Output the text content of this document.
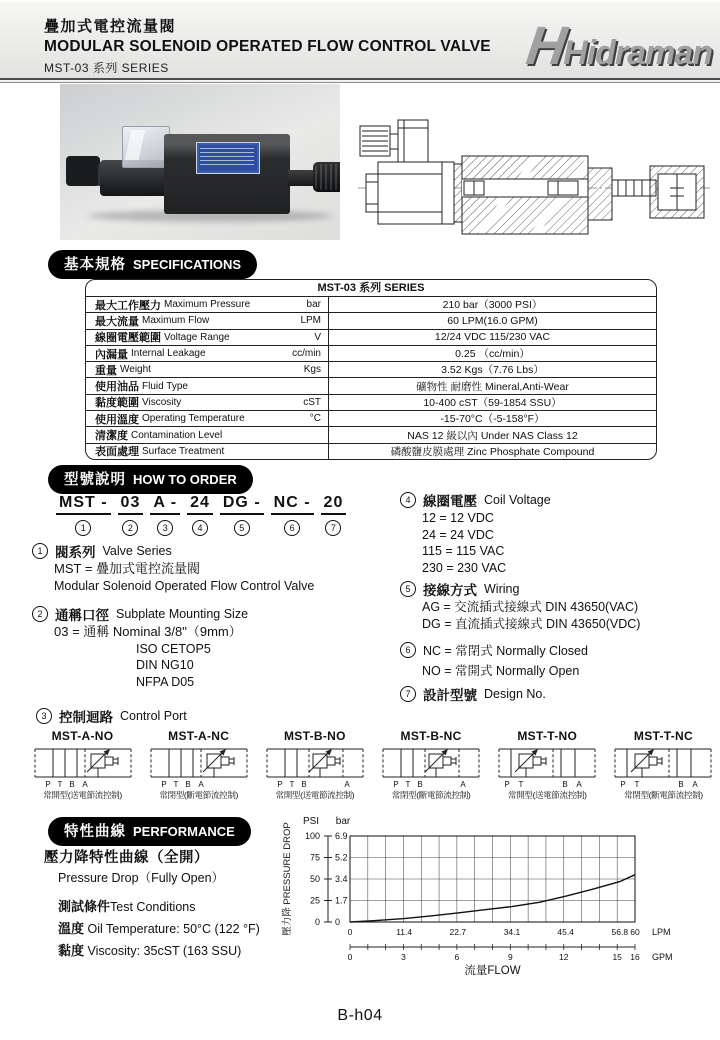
疊加式電控流量閥
MODULAR SOLENOID OPERATED FLOW CONTROL VALVE
MST-03 系列 SERIES	HHidraman
基本規格 SPECIFICATIONS
MST-03 系列 SERIES
最大工作壓力 Maximum Pressure	bar	210 bar（3000 PSI）
最大流量 Maximum Flow	LPM	60 LPM(16.0 GPM)
線圈電壓範圍 Voltage Range	V	12/24 VDC 115/230 VAC
內漏量 Internal Leakage	cc/min	0.25 （cc/min）
重量 Weight	Kgs	3.52 Kgs（7.76 Lbs）
使用油品 Fluid Type	礦物性 耐磨性 Mineral,Anti-Wear
黏度範圍 Viscosity	cST	10-400 cST（59-1854 SSU）
使用溫度 Operating Temperature	°C	-15-70°C（-5-158°F）
清潔度 Contamination Level	NAS 12 級以內 Under NAS Class 12
表面處理 Surface Treatment	磷酸鹽皮膜處理 Zinc Phosphate Compound
型號說明 HOW TO ORDER
MST -
1
03
2
A -
3
24
4
DG -
5
NC -
6
20
7
1 閥系列 Valve Series
MST = 疊加式電控流量閥
Modular Solenoid Operated Flow Control Valve
2 通稱口徑 Subplate Mounting Size
03 = 通稱 Nominal 3/8"（9mm）
ISO CETOP5
DIN NG10
NFPA D05
4 線圈電壓 Coil Voltage
12 = 12 VDC
24 = 24 VDC
115 = 115 VAC
230 = 230 VAC
5 接線方式 Wiring
AG = 交流插式接線式 DIN 43650(VAC)
DG = 直流插式接線式 DIN 43650(VDC)
6	NC = 常閉式 Normally Closed
NO = 常開式 Normally Open
7 設計型號 Design No.
3 控制迴路 Control Port
MST-A-NO
P T B A
常開型(送電節流控制)
MST-A-NC
P T B A
常閉型(斷電節流控制)
MST-B-NO
P T B	A
常開型(送電節流控制)
MST-B-NC
P T B	A
常閉型(斷電節流控制)
MST-T-NO
P T	B A
常開型(送電節流控制)
MST-T-NC
P T	B A
常閉型(斷電節流控制)
特性曲線 PERFORMANCE
壓力降特性曲線（全開）
Pressure Drop（Fully Open）
測試條件Test Conditions
溫度 Oil Temperature: 50°C (122 °F)
黏度 Viscosity: 35cST (163 SSU)
0 0
25 1.7
50 3.4
75 5.2
100 6.9
PSI bar
0	11.4	22.7	34.1	45.4	56.8 60 LPM
0	3	6	9	12	15 16 GPM
流量FLOW
壓力降 PRESSURE DROP
B-h04
